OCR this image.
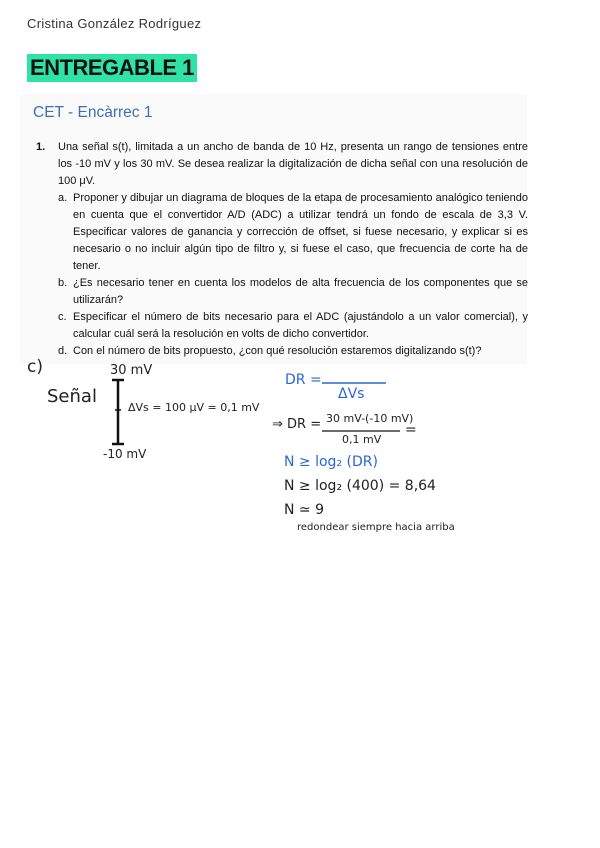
Cristina González Rodríguez
ENTREGABLE 1
CET - Encàrrec 1
1. Una señal s(t), limitada a un ancho de banda de 10 Hz, presenta un rango de tensiones entre los -10 mV y los 30 mV. Se desea realizar la digitalización de dicha señal con una resolución de 100 μV.
a. Proponer y dibujar un diagrama de bloques de la etapa de procesamiento analógico teniendo en cuenta que el convertidor A/D (ADC) a utilizar tendrá un fondo de escala de 3,3 V. Especificar valores de ganancia y corrección de offset, si fuese necesario, y explicar si es necesario o no incluir algún tipo de filtro y, si fuese el caso, que frecuencia de corte ha de tener.
b. ¿Es necesario tener en cuenta los modelos de alta frecuencia de los componentes que se utilizarán?
c. Especificar el número de bits necesario para el ADC (ajustándolo a un valor comercial), y calcular cuál será la resolución en volts de dicho convertidor.
d. Con el número de bits propuesto, ¿con qué resolución estaremos digitalizando s(t)?
c)
Señal
30 mV
ΔVs = 100 μV = 0,1 mV
-10 mV
DR =
ΔVs
⇒ DR = 30 mV-(-10 mV)
0,1 mV
=
N ≥ log₂ (DR)
N ≥ log₂ (400) = 8,64
N ≃ 9
redondear siempre hacia arriba
